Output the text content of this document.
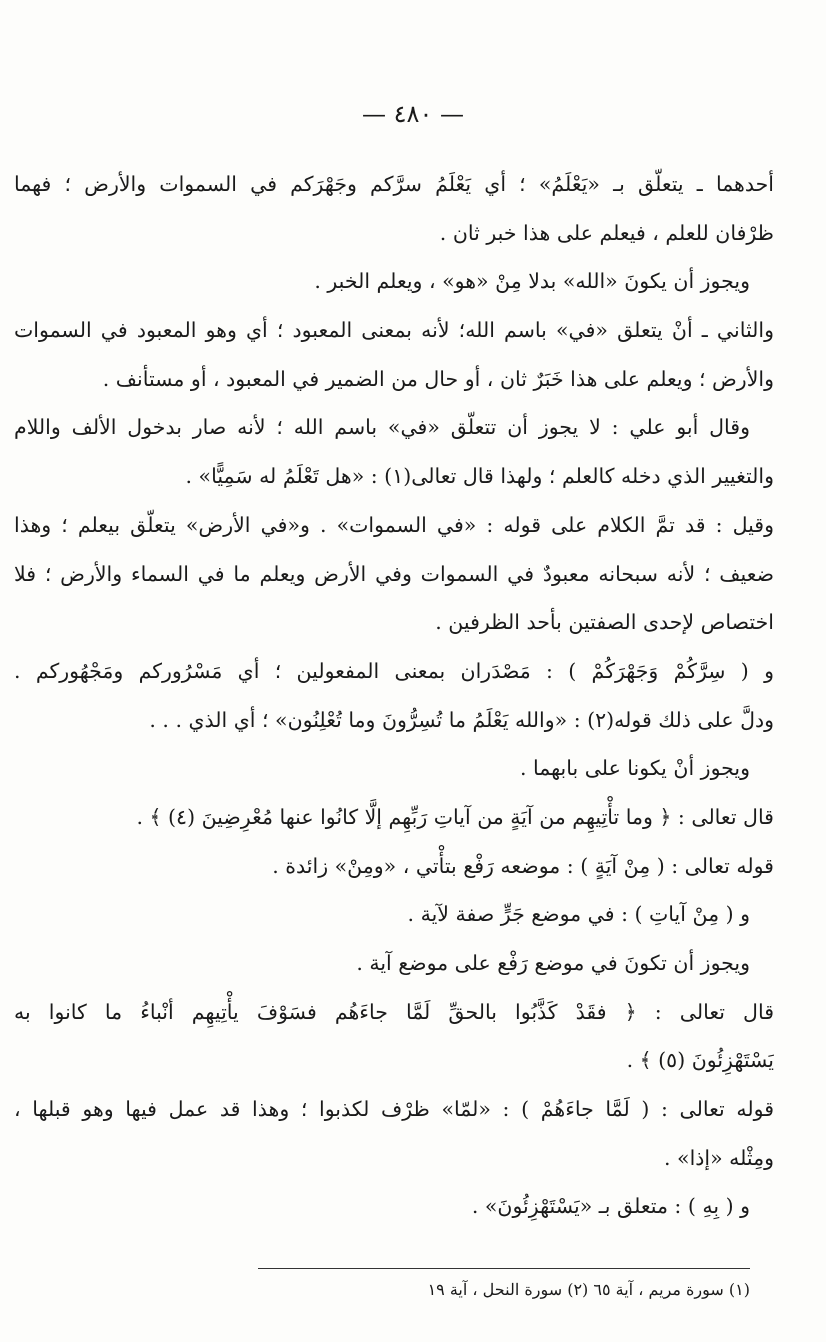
— ٤٨٠ —
أحدهما ـ يتعلّق بـ «يَعْلَمُ» ؛ أي يَعْلَمُ سرَّكم وجَهْرَكم في السموات والأرض ؛ فهما
ظرْفان للعلم ، فيعلم على هذا خبر ثان .
ويجوز أن يكونَ «الله» بدلا مِنْ «هو» ، ويعلم الخبر .
والثاني ـ أنْ يتعلق «في» باسم الله؛ لأنه بمعنى المعبود ؛ أي وهو المعبود في السموات
والأرض ؛ ويعلم على هذا خَبَرٌ ثان ، أو حال من الضمير في المعبود ، أو مستأنف .
وقال أبو علي : لا يجوز أن تتعلّق «في» باسم الله ؛ لأنه صار بدخول الألف واللام
والتغيير الذي دخله كالعلم ؛ ولهذا قال تعالى(١) : «هل تَعْلَمُ له سَمِيًّا» .
وقيل : قد تمَّ الكلام على قوله : «في السموات» . و«في الأرض» يتعلّق بيعلم ؛ وهذا
ضعيف ؛ لأنه سبحانه معبودٌ في السموات وفي الأرض ويعلم ما في السماء والأرض ؛ فلا
اختصاص لإحدى الصفتين بأحد الظرفين .
و ( سِرَّكُمْ وَجَهْرَكُمْ ) : مَصْدَران بمعنى المفعولين ؛ أي مَسْرُوركم ومَجْهُوركم .
ودلَّ على ذلك قوله(٢) : «والله يَعْلَمُ ما تُسِرُّونَ وما تُعْلِنُون» ؛ أي الذي . . .
ويجوز أنْ يكونا على بابهما .
قال تعالى : ﴿ وما تأْتِيهِم من آيَةٍ من آياتِ رَبِّهِم إلَّا كانُوا عنها مُعْرِضِينَ (٤) ﴾ .
قوله تعالى : ( مِنْ آيَةٍ ) : موضعه رَفْع بتأْتي ، «ومِنْ» زائدة .
و ( مِنْ آياتِ ) : في موضع جَرٍّ صفة لآية .
ويجوز أن تكونَ في موضع رَفْع على موضع آية .
قال تعالى : ﴿ فقَدْ كَذَّبُوا بالحقِّ لَمَّا جاءَهُم فسَوْفَ يأْتِيهِم أنْباءُ ما كانوا به
يَسْتَهْزِئُونَ (٥) ﴾ .
قوله تعالى : ( لَمَّا جاءَهُمْ ) : «لمّا» ظرْف لكذبوا ؛ وهذا قد عمل فيها وهو قبلها ،
ومِثْله «إذا» .
و ( بِهِ ) : متعلق بـ «يَسْتَهْزِئُونَ» .
(١) سورة مريم ، آية ٦٥ (٢) سورة النحل ، آية ١٩
